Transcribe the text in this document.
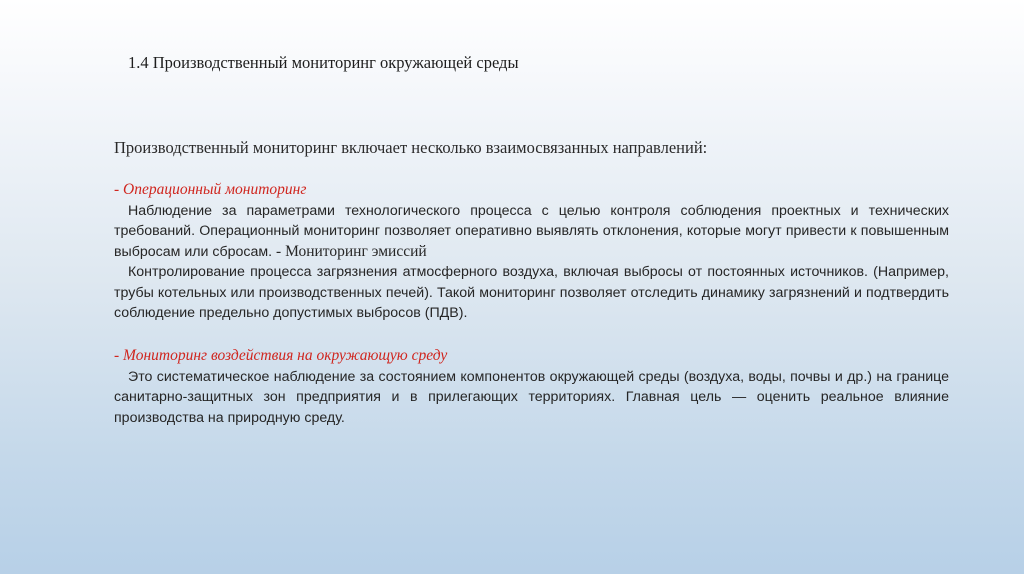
1.4 Производственный мониторинг окружающей среды
Производственный мониторинг включает несколько взаимосвязанных направлений:
- Операционный мониторинг

Наблюдение за параметрами технологического процесса с целью контроля соблюдения проектных и технических требований. Операционный мониторинг позволяет оперативно выявлять отклонения, которые могут привести к повышенным выбросам или сбросам. - Мониторинг эмиссий

Контролирование процесса загрязнения атмосферного воздуха, включая выбросы от постоянных источников. (Например, трубы котельных или производственных печей). Такой мониторинг позволяет отследить динамику загрязнений и подтвердить соблюдение предельно допустимых выбросов (ПДВ).

- Мониторинг воздействия на окружающую среду

Это систематическое наблюдение за состоянием компонентов окружающей среды (воздуха, воды, почвы и др.) на границе санитарно-защитных зон предприятия и в прилегающих территориях. Главная цель — оценить реальное влияние производства на природную среду.
